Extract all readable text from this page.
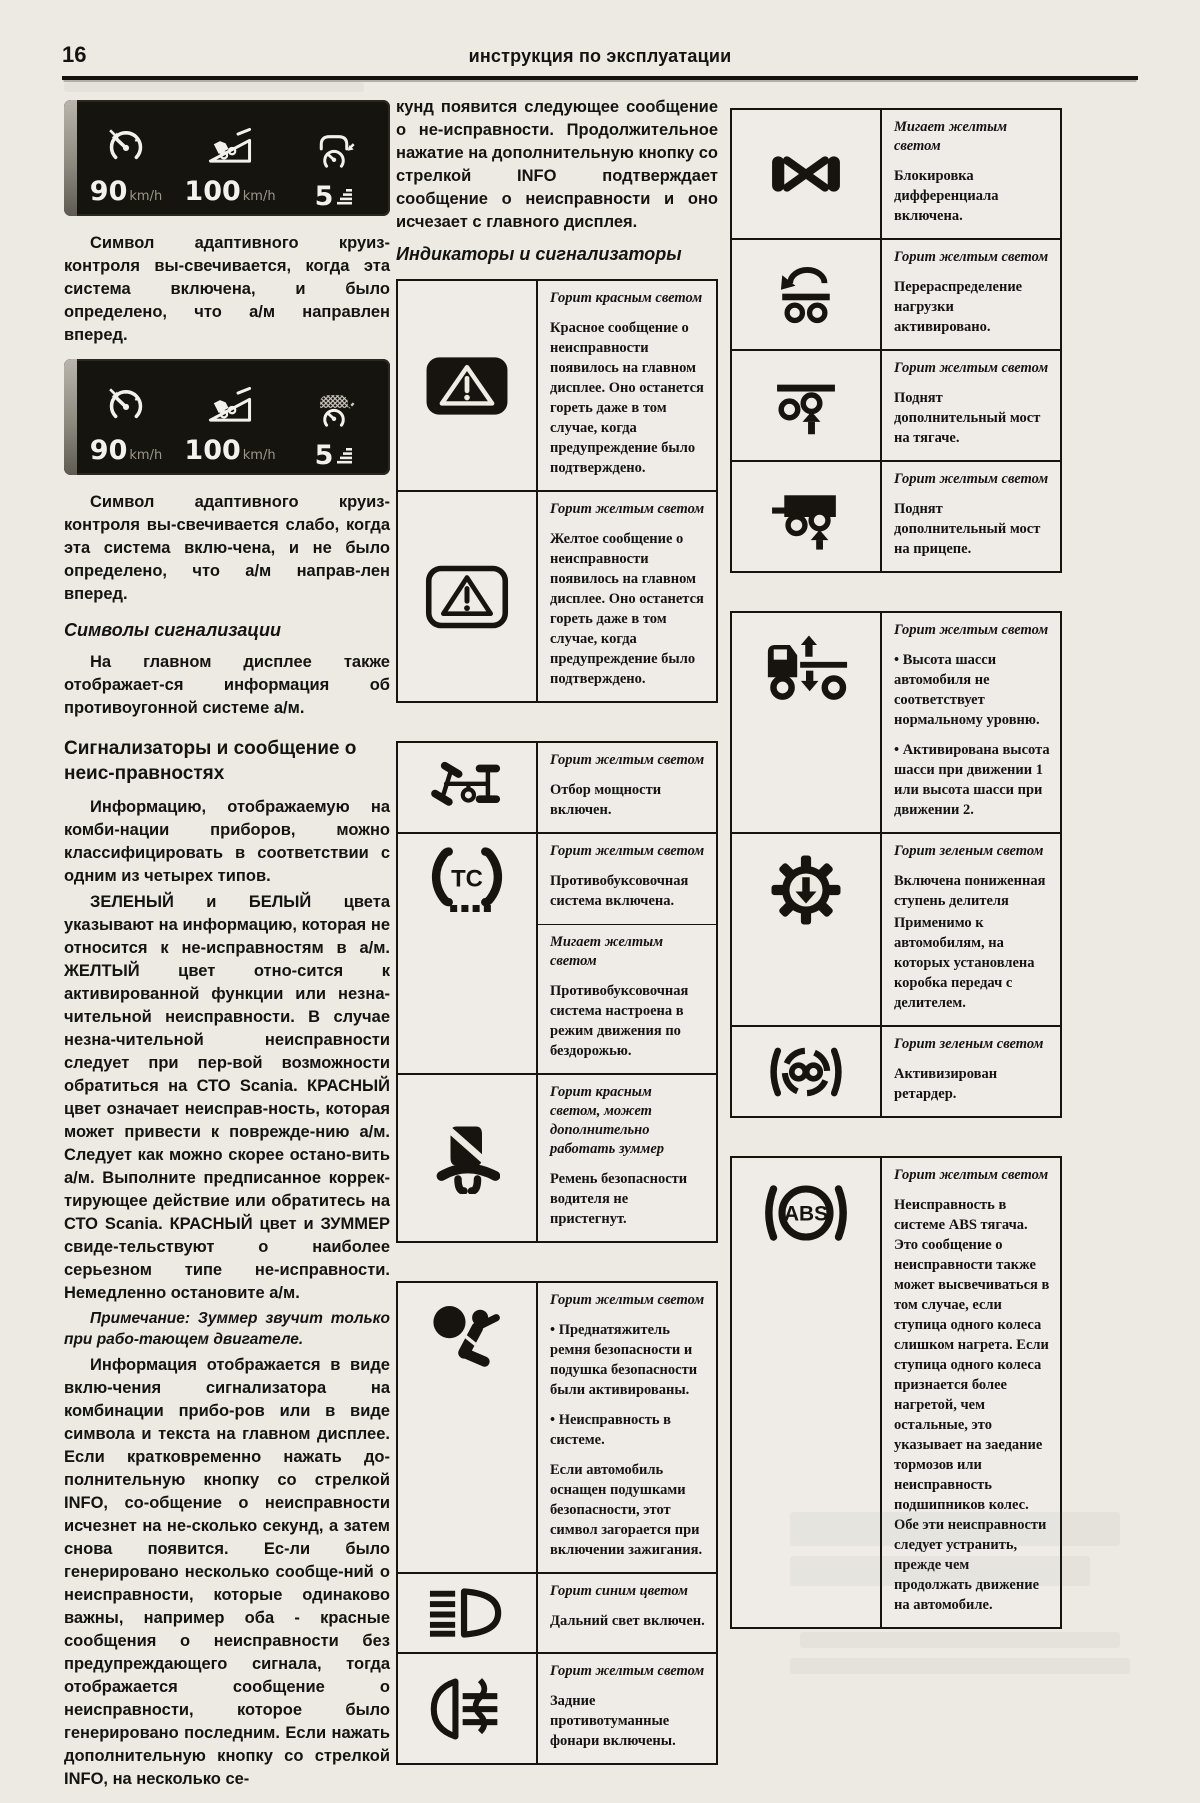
16	инструкция по эксплуатации
90 km/h 100 km/h 5

Символ адаптивного круиз-контроля вы-свечивается, когда эта система включена, и было определено, что а/м направлен вперед.

90 km/h 100 km/h 5

Символ адаптивного круиз-контроля вы-свечивается слабо, когда эта система вклю-чена, и не было определено, что а/м направ-лен вперед.

Символы сигнализации

На главном дисплее также отображает-ся информация об противоугонной системе а/м.

Сигнализаторы и сообщение о неис-правностях

Информацию, отображаемую на комби-нации приборов, можно классифицировать в соответствии с одним из четырех типов.

ЗЕЛЕНЫЙ и БЕЛЫЙ цвета указывают на информацию, которая не относится к не-исправностям в а/м. ЖЕЛТЫЙ цвет отно-сится к активированной функции или незна-чительной неисправности. В случае незна-чительной неисправности следует при пер-вой возможности обратиться на СТО Scania. КРАСНЫЙ цвет означает неисправ-ность, которая может привести к поврежде-нию а/м. Следует как можно скорее остано-вить а/м. Выполните предписанное коррек-тирующее действие или обратитесь на СТО Scania. КРАСНЫЙ цвет и ЗУММЕР свиде-тельствуют о наиболее серьезном типе не-исправности. Немедленно остановите а/м.

Примечание: Зуммер звучит только при рабо-тающем двигателе.

Информация отображается в виде вклю-чения сигнализатора на комбинации прибо-ров или в виде символа и текста на главном дисплее. Если кратковременно нажать до-полнительную кнопку со стрелкой INFO, со-общение о неисправности исчезнет на не-сколько секунд, а затем снова появится. Ес-ли было генерировано несколько сообще-ний о неисправности, которые одинаково важны, например оба - красные сообщения о неисправности без предупреждающего сигнала, тогда отображается сообщение о неисправности, которое было генерировано последним. Если нажать дополнительную кнопку со стрелкой INFO, на несколько се-

кунд появится следующее сообщение о не-исправности. Продолжительное нажатие на дополнительную кнопку со стрелкой INFO подтверждает сообщение о неисправности и оно исчезает с главного дисплея.

Индикаторы и сигнализаторы

Горит красным светом

Красное сообщение о неисправности появилось на главном дисплее. Оно останется гореть даже в том случае, когда предупреждение было подтверждено.

Горит желтым светом

Желтое сообщение о неисправности появилось на главном дисплее. Оно останется гореть даже в том случае, когда предупреждение было подтверждено.

Горит желтым светом

Отбор мощности включен.

TC

Горит желтым светом

Противобуксовочная система включена.

Мигает желтым светом

Противобуксовочная система настроена в режим движения по бездорожью.

Горит красным светом, может дополнительно работать зуммер

Ремень безопасности водителя не пристегнут.

Горит желтым светом

• Преднатяжитель ремня безопасности и подушка безопасности были активированы.

• Неисправность в системе.

Если автомобиль оснащен подушками безопасности, этот символ загорается при включении зажигания.

Горит синим цветом

Дальний свет включен.

Горит желтым светом

Задние противотуманные фонари включены.

Мигает желтым светом

Блокировка дифференциала включена.

Горит желтым светом

Перераспределение нагрузки активировано.

Горит желтым светом

Поднят дополнительный мост на тягаче.

Горит желтым светом

Поднят дополнительный мост на прицепе.

Горит желтым светом

• Высота шасси автомобиля не соответствует нормальному уровню.

• Активирована высота шасси при движении 1 или высота шасси при движении 2.

Горит зеленым светом

Включена пониженная ступень делителя

Применимо к автомобилям, на которых установлена коробка передач с делителем.

Горит зеленым светом

Активизирован ретардер.

ABS

Горит желтым светом

Неисправность в системе ABS тягача. Это сообщение о неисправности также может высвечиваться в том случае, если ступица одного колеса слишком нагрета. Если ступица одного колеса признается более нагретой, чем остальные, это указывает на заедание тормозов или неисправность подшипников колес. Обе эти неисправности следует устранить, прежде чем продолжать движение на автомобиле.
